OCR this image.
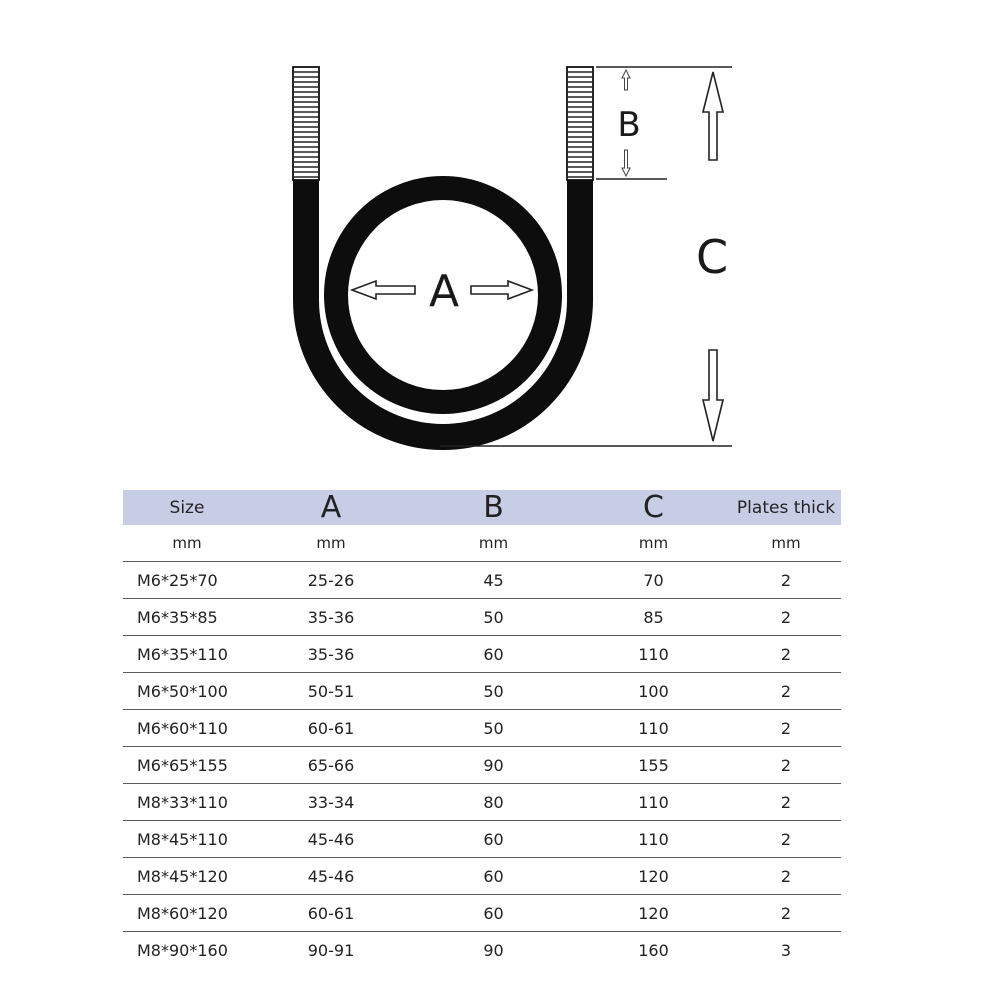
A
B
C
Size	A	B	C	Plates thick
mm	mm	mm	mm	mm
M6*25*70	25-26	45	70	2
M6*35*85	35-36	50	85	2
M6*35*110	35-36	60	110	2
M6*50*100	50-51	50	100	2
M6*60*110	60-61	50	110	2
M6*65*155	65-66	90	155	2
M8*33*110	33-34	80	110	2
M8*45*110	45-46	60	110	2
M8*45*120	45-46	60	120	2
M8*60*120	60-61	60	120	2
M8*90*160	90-91	90	160	3
